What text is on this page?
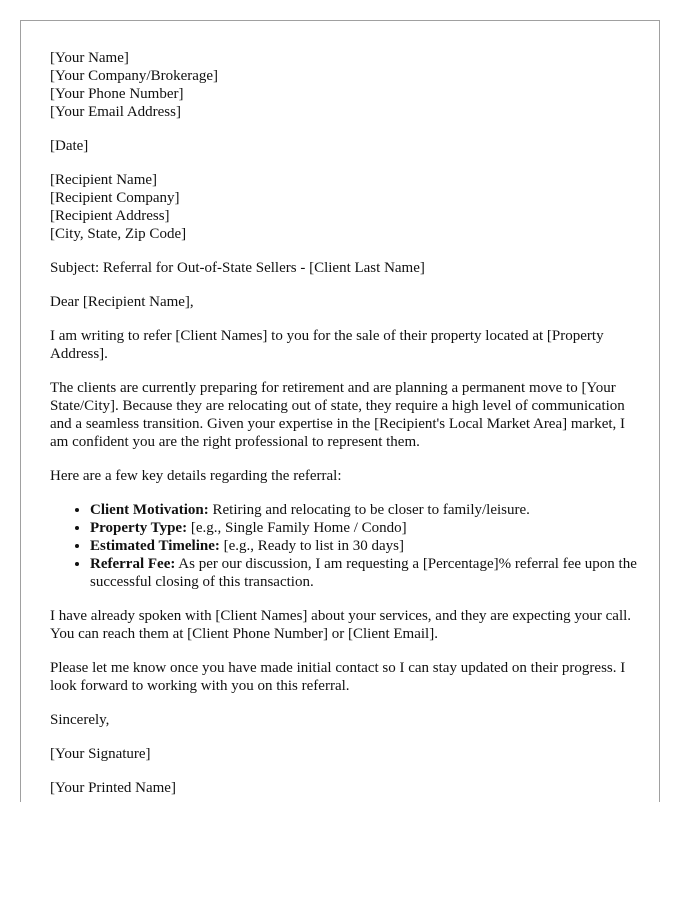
[Your Name]
[Your Company/Brokerage]
[Your Phone Number]
[Your Email Address]
[Date]
[Recipient Name]
[Recipient Company]
[Recipient Address]
[City, State, Zip Code]

Subject: Referral for Out-of-State Sellers - [Client Last Name]

Dear [Recipient Name],

I am writing to refer [Client Names] to you for the sale of their property located at [Property Address].

The clients are currently preparing for retirement and are planning a permanent move to [Your State/City]. Because they are relocating out of state, they require a high level of communication and a seamless transition. Given your expertise in the [Recipient's Local Market Area] market, I am confident you are the right professional to represent them.

Here are a few key details regarding the referral:

• Client Motivation: Retiring and relocating to be closer to family/leisure.
• Property Type: [e.g., Single Family Home / Condo]
• Estimated Timeline: [e.g., Ready to list in 30 days]
• Referral Fee: As per our discussion, I am requesting a [Percentage]% referral fee upon the successful closing of this transaction.

I have already spoken with [Client Names] about your services, and they are expecting your call. You can reach them at [Client Phone Number] or [Client Email].

Please let me know once you have made initial contact so I can stay updated on their progress. I look forward to working with you on this referral.

Sincerely,

[Your Signature]

[Your Printed Name]
